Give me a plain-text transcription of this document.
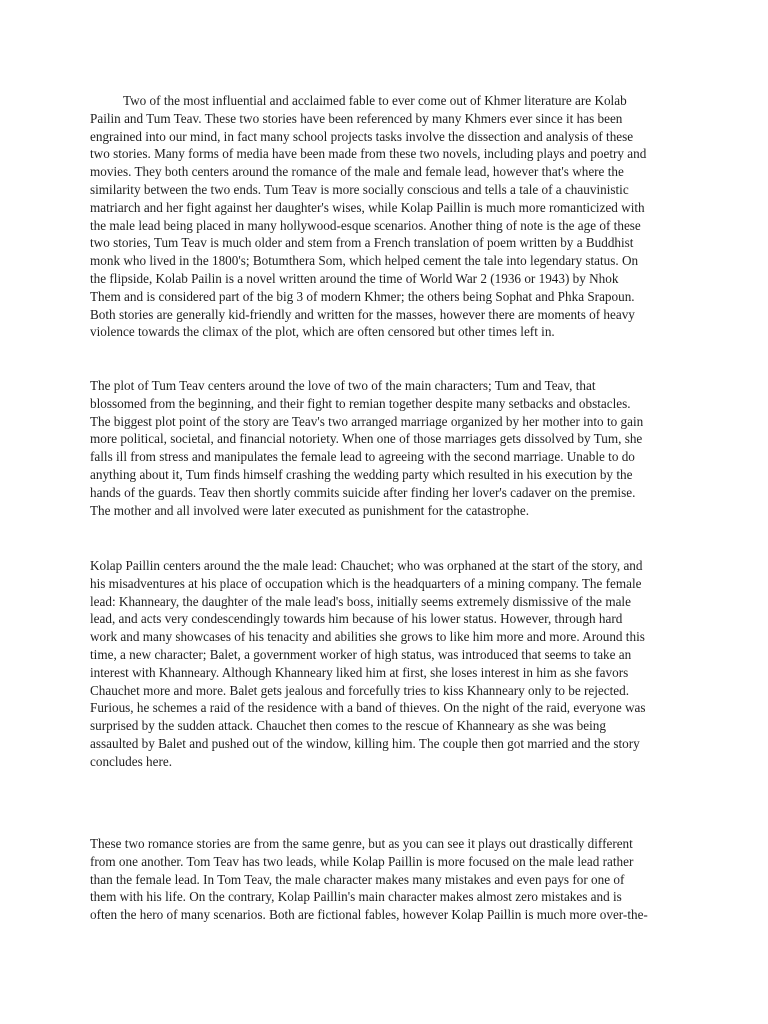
Two of the most influential and acclaimed fable to ever come out of Khmer literature are Kolab
Pailin and Tum Teav. These two stories have been referenced by many Khmers ever since it has been
engrained into our mind, in fact many school projects tasks involve the dissection and analysis of these
two stories. Many forms of media have been made from these two novels, including plays and poetry and
movies. They both centers around the romance of the male and female lead, however that's where the
similarity between the two ends. Tum Teav is more socially conscious and tells a tale of a chauvinistic
matriarch and her fight against her daughter's wises, while Kolap Paillin is much more romanticized with
the male lead being placed in many hollywood-esque scenarios. Another thing of note is the age of these
two stories, Tum Teav is much older and stem from a French translation of poem written by a Buddhist
monk who lived in the 1800's; Botumthera Som, which helped cement the tale into legendary status. On
the flipside, Kolab Pailin is a novel written around the time of World War 2 (1936 or 1943) by Nhok
Them and is considered part of the big 3 of modern Khmer; the others being Sophat and Phka Srapoun.
Both stories are generally kid-friendly and written for the masses, however there are moments of heavy
violence towards the climax of the plot, which are often censored but other times left in.
The plot of Tum Teav centers around the love of two of the main characters; Tum and Teav, that
blossomed from the beginning, and their fight to remian together despite many setbacks and obstacles.
The biggest plot point of the story are Teav's two arranged marriage organized by her mother into to gain
more political, societal, and financial notoriety. When one of those marriages gets dissolved by Tum, she
falls ill from stress and manipulates the female lead to agreeing with the second marriage. Unable to do
anything about it, Tum finds himself crashing the wedding party which resulted in his execution by the
hands of the guards. Teav then shortly commits suicide after finding her lover's cadaver on the premise.
The mother and all involved were later executed as punishment for the catastrophe.
Kolap Paillin centers around the the male lead: Chauchet; who was orphaned at the start of the story, and
his misadventures at his place of occupation which is the headquarters of a mining company. The female
lead: Khanneary, the daughter of the male lead's boss, initially seems extremely dismissive of the male
lead, and acts very condescendingly towards him because of his lower status. However, through hard
work and many showcases of his tenacity and abilities she grows to like him more and more. Around this
time, a new character; Balet, a government worker of high status, was introduced that seems to take an
interest with Khanneary. Although Khanneary liked him at first, she loses interest in him as she favors
Chauchet more and more. Balet gets jealous and forcefully tries to kiss Khanneary only to be rejected.
Furious, he schemes a raid of the residence with a band of thieves. On the night of the raid, everyone was
surprised by the sudden attack. Chauchet then comes to the rescue of Khanneary as she was being
assaulted by Balet and pushed out of the window, killing him. The couple then got married and the story
concludes here.
These two romance stories are from the same genre, but as you can see it plays out drastically different
from one another. Tom Teav has two leads, while Kolap Paillin is more focused on the male lead rather
than the female lead. In Tom Teav, the male character makes many mistakes and even pays for one of
them with his life. On the contrary, Kolap Paillin's main character makes almost zero mistakes and is
often the hero of many scenarios. Both are fictional fables, however Kolap Paillin is much more over-the-
